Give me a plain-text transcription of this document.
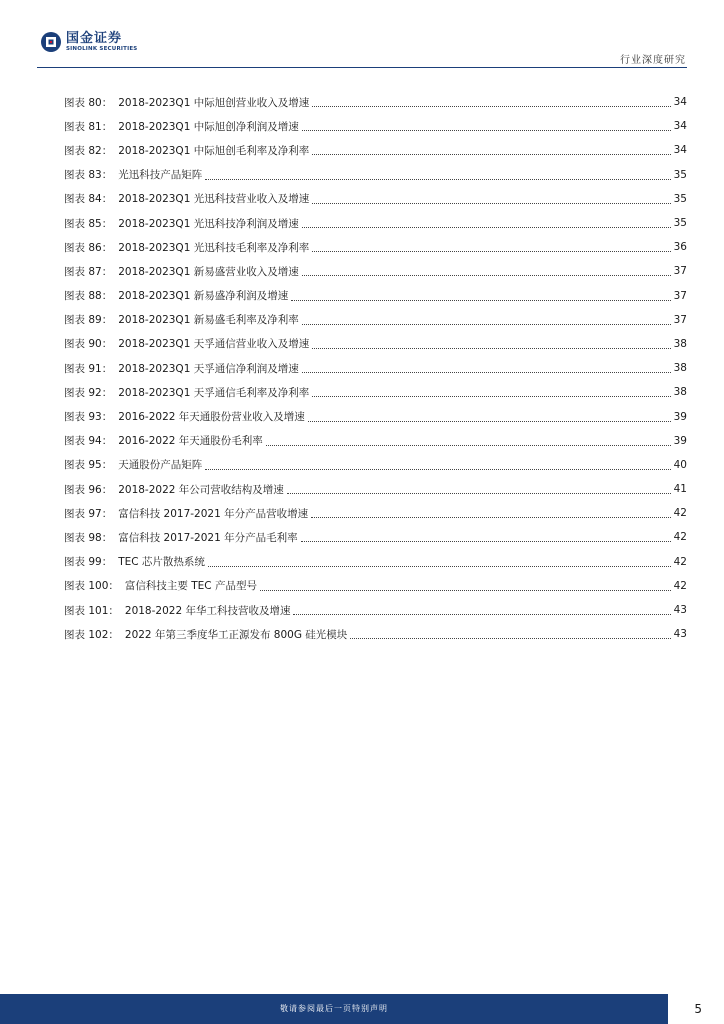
国金证券
SINOLINK SECURITIES
行业深度研究
图表 80： 2018-2023Q1 中际旭创营业收入及增速	34
图表 81： 2018-2023Q1 中际旭创净利润及增速	34
图表 82： 2018-2023Q1 中际旭创毛利率及净利率	34
图表 83： 光迅科技产品矩阵	35
图表 84： 2018-2023Q1 光迅科技营业收入及增速	35
图表 85： 2018-2023Q1 光迅科技净利润及增速	35
图表 86： 2018-2023Q1 光迅科技毛利率及净利率	36
图表 87： 2018-2023Q1 新易盛营业收入及增速	37
图表 88： 2018-2023Q1 新易盛净利润及增速	37
图表 89： 2018-2023Q1 新易盛毛利率及净利率	37
图表 90： 2018-2023Q1 天孚通信营业收入及增速	38
图表 91： 2018-2023Q1 天孚通信净利润及增速	38
图表 92： 2018-2023Q1 天孚通信毛利率及净利率	38
图表 93： 2016-2022 年天通股份营业收入及增速	39
图表 94： 2016-2022 年天通股份毛利率	39
图表 95： 天通股份产品矩阵	40
图表 96： 2018-2022 年公司营收结构及增速	41
图表 97： 富信科技 2017-2021 年分产品营收增速	42
图表 98： 富信科技 2017-2021 年分产品毛利率	42
图表 99： TEC 芯片散热系统	42
图表 100： 富信科技主要 TEC 产品型号	42
图表 101： 2018-2022 年华工科技营收及增速	43
图表 102： 2022 年第三季度华工正源发布 800G 硅光模块	43
敬请参阅最后一页特别声明	5
